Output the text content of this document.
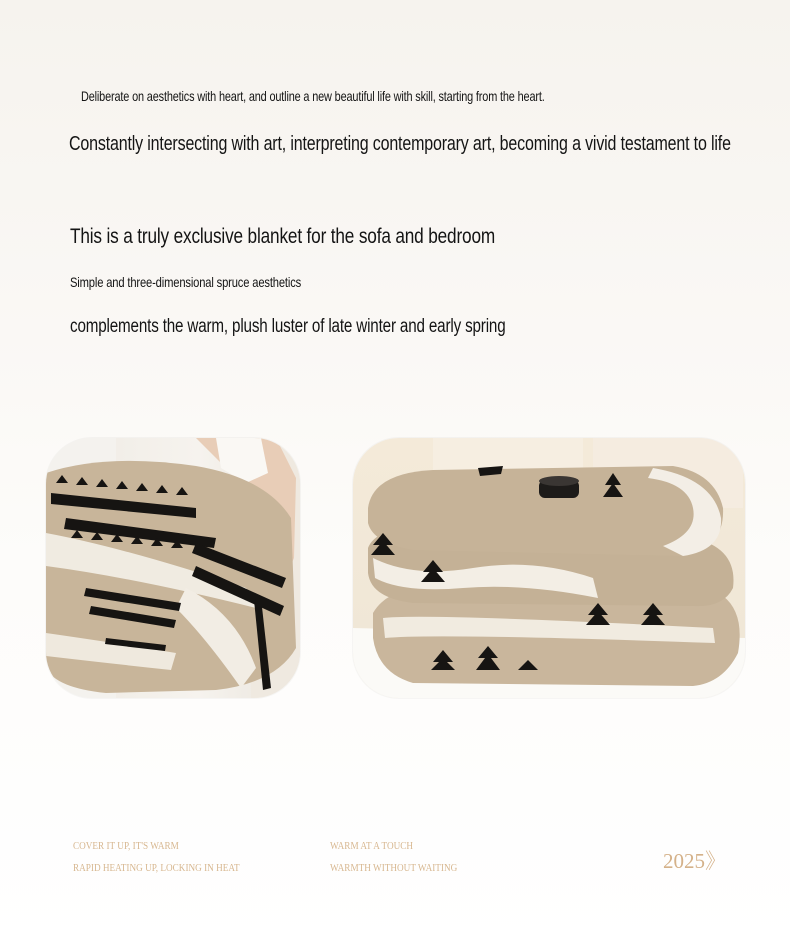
Deliberate on aesthetics with heart, and outline a new beautiful life with skill, starting from the heart.
Constantly intersecting with art, interpreting contemporary art, becoming a vivid testament to life
This is a truly exclusive blanket for the sofa and bedroom
Simple and three-dimensional spruce aesthetics
complements the warm, plush luster of late winter and early spring
COVER IT UP, IT'S WARM
RAPID HEATING UP, LOCKING IN HEAT
WARM AT A TOUCH
WARMTH WITHOUT WAITING	2025》
